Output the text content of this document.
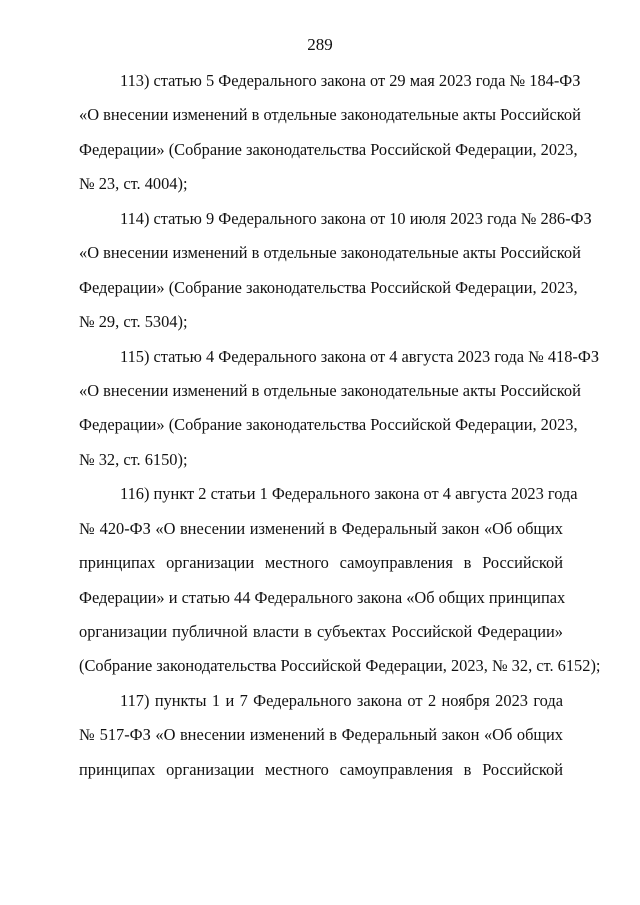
289
113) статью 5 Федерального закона от 29 мая 2023 года № 184-ФЗ
«О внесении изменений в отдельные законодательные акты Российской
Федерации» (Собрание законодательства Российской Федерации, 2023,
№ 23, ст. 4004);
114) статью 9 Федерального закона от 10 июля 2023 года № 286-ФЗ
«О внесении изменений в отдельные законодательные акты Российской
Федерации» (Собрание законодательства Российской Федерации, 2023,
№ 29, ст. 5304);
115) статью 4 Федерального закона от 4 августа 2023 года № 418-ФЗ
«О внесении изменений в отдельные законодательные акты Российской
Федерации» (Собрание законодательства Российской Федерации, 2023,
№ 32, ст. 6150);
116) пункт 2 статьи 1 Федерального закона от 4 августа 2023 года
№ 420-ФЗ «О внесении изменений в Федеральный закон «Об общих
принципах организации местного самоуправления в Российской
Федерации» и статью 44 Федерального закона «Об общих принципах
организации публичной власти в субъектах Российской Федерации»
(Собрание законодательства Российской Федерации, 2023, № 32, ст. 6152);
117) пункты 1 и 7 Федерального закона от 2 ноября 2023 года
№ 517-ФЗ «О внесении изменений в Федеральный закон «Об общих
принципах организации местного самоуправления в Российской
